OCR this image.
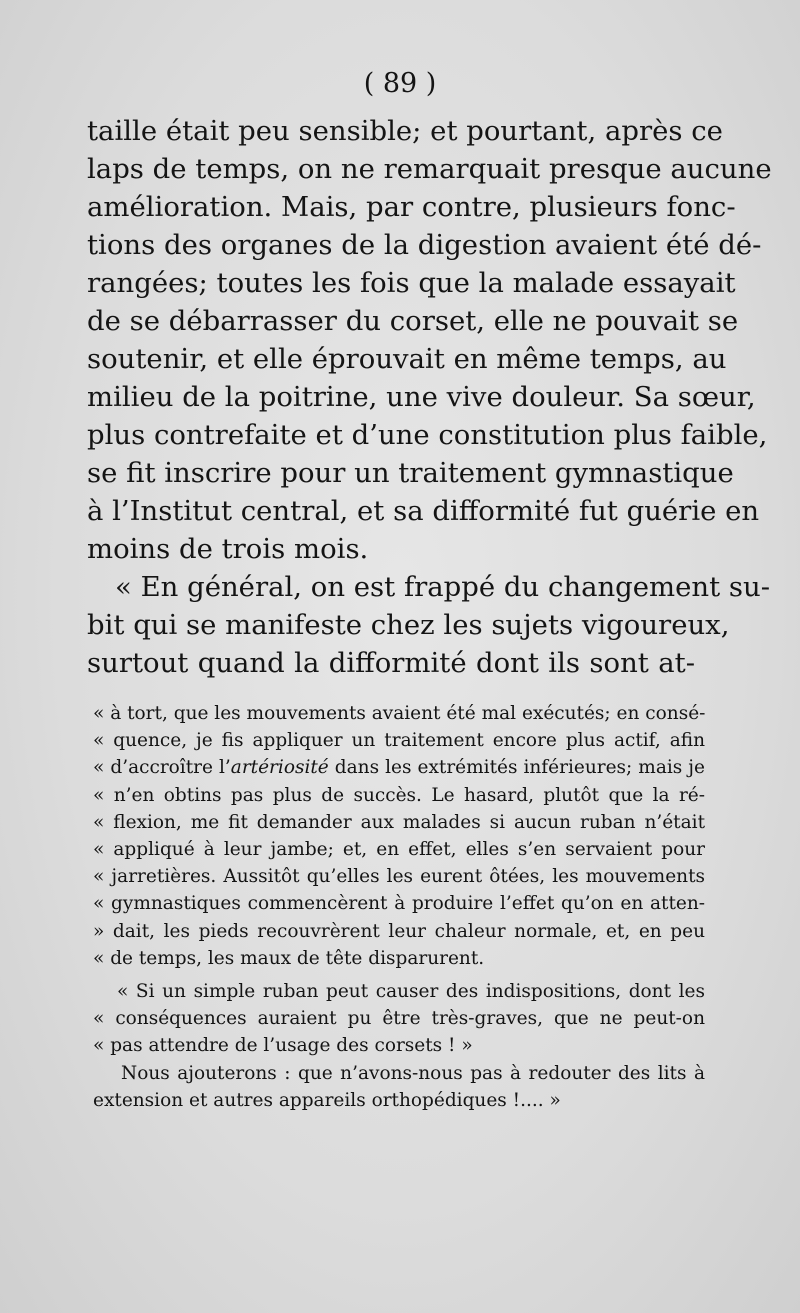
( 89 )
taille était peu sensible; et pourtant, après ce
laps de temps, on ne remarquait presque aucune
amélioration. Mais, par contre, plusieurs fonc-
tions des organes de la digestion avaient été dé-
rangées; toutes les fois que la malade essayait
de se débarrasser du corset, elle ne pouvait se
soutenir, et elle éprouvait en même temps, au
milieu de la poitrine, une vive douleur. Sa sœur,
plus contrefaite et d’une constitution plus faible,
se fit inscrire pour un traitement gymnastique
à l’Institut central, et sa difformité fut guérie en
moins de trois mois.
« En général, on est frappé du changement su-
bit qui se manifeste chez les sujets vigoureux,
surtout quand la difformité dont ils sont at-
« à tort, que les mouvements avaient été mal exécutés; en consé-
« quence, je fis appliquer un traitement encore plus actif, afin
« d’accroître l’artériosité dans les extrémités inférieures; mais je
« n’en obtins pas plus de succès. Le hasard, plutôt que la ré-
« flexion, me fit demander aux malades si aucun ruban n’était
« appliqué à leur jambe; et, en effet, elles s’en servaient pour
« jarretières. Aussitôt qu’elles les eurent ôtées, les mouvements
« gymnastiques commencèrent à produire l’effet qu’on en atten-
» dait, les pieds recouvrèrent leur chaleur normale, et, en peu
« de temps, les maux de tête disparurent.
« Si un simple ruban peut causer des indispositions, dont les
« conséquences auraient pu être très-graves, que ne peut-on
« pas attendre de l’usage des corsets ! »
Nous ajouterons : que n’avons-nous pas à redouter des lits à
extension et autres appareils orthopédiques !.... »
